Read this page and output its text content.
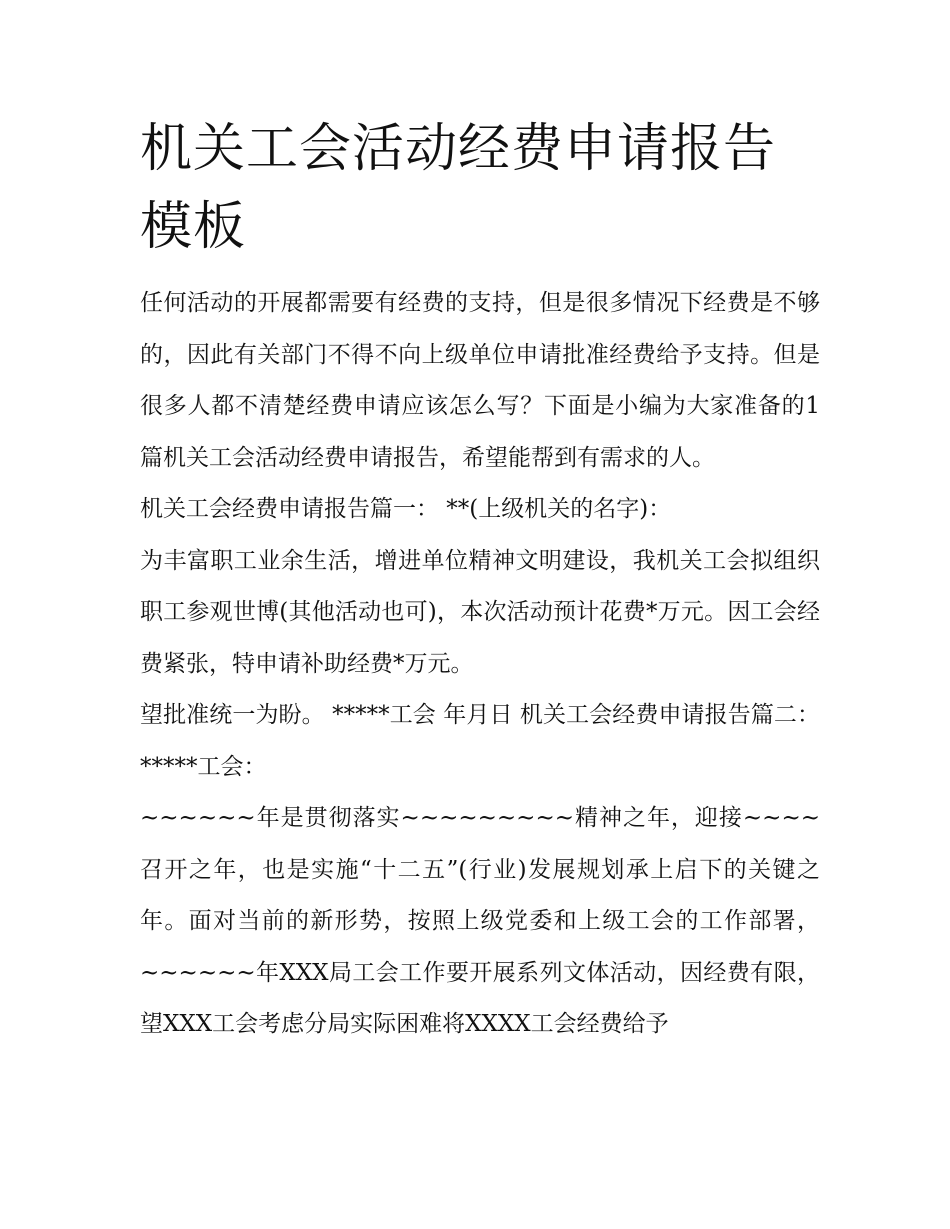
机关工会活动经费申请报告模板

任何活动的开展都需要有经费的支持，但是很多情况下经费是不够的，因此有关部门不得不向上级单位申请批准经费给予支持。但是很多人都不清楚经费申请应该怎么写？下面是小编为大家准备的1篇机关工会活动经费申请报告，希望能帮到有需求的人。

机关工会经费申请报告篇一： **(上级机关的名字)：

为丰富职工业余生活，增进单位精神文明建设，我机关工会拟组织职工参观世博(其他活动也可)，本次活动预计花费*万元。因工会经费紧张，特申请补助经费*万元。

望批准统一为盼。 *****工会 年月日 机关工会经费申请报告篇二： *****工会：

~~~~~~年是贯彻落实~~~~~~~~~精神之年，迎接~~~~召开之年，也是实施“十二五”(行业)发展规划承上启下的关键之年。面对当前的新形势，按照上级党委和上级工会的工作部署，~~~~~~年XXX局工会工作要开展系列文体活动，因经费有限，望XXX工会考虑分局实际困难将XXXX工会经费给予
